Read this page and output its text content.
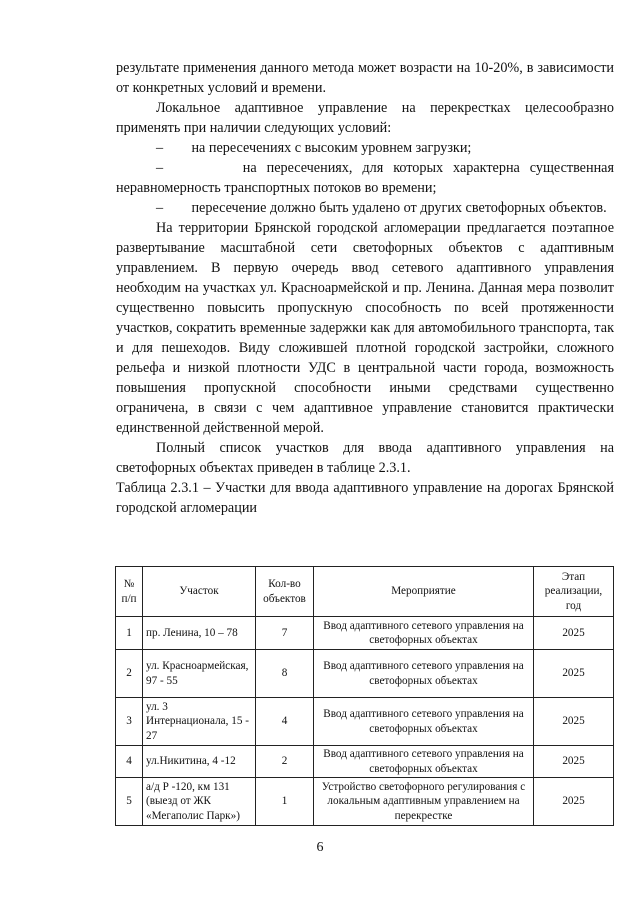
результате применения данного метода может возрасти на 10-20%, в зависимости от конкретных условий и времени.

Локальное адаптивное управление на перекрестках целесообразно применять при наличии следующих условий:

–        на пересечениях с высоким уровнем загрузки;

–        на пересечениях, для которых характерна существенная неравномерность транспортных потоков во времени;

–        пересечение должно быть удалено от других светофорных объектов.

На территории Брянской городской агломерации предлагается поэтапное развертывание масштабной сети светофорных объектов с адаптивным управлением. В первую очередь ввод сетевого адаптивного управления необходим на участках ул. Красноармейской и пр. Ленина. Данная мера позволит существенно повысить пропускную способность по всей протяженности участков, сократить временные задержки как для автомобильного транспорта, так и для пешеходов. Виду сложившей плотной городской застройки, сложного рельефа и низкой плотности УДС в центральной части города, возможность повышения пропускной способности иными средствами существенно ограничена, в связи с чем адаптивное управление становится практически единственной действенной мерой.

Полный список участков для ввода адаптивного управления на светофорных объектах приведен в таблице 2.3.1.

Таблица 2.3.1 – Участки для ввода адаптивного управление на дорогах Брянской городской агломерации

№ п/п	Участок	Кол-во объектов	Мероприятие	Этап реализации, год
1	пр. Ленина, 10 – 78	7	Ввод адаптивного сетевого управления на светофорных объектах	2025
2	ул. Красноармейская, 97 - 55	8	Ввод адаптивного сетевого управления на светофорных объектах	2025
3	ул. 3 Интернационала, 15 - 27	4	Ввод адаптивного сетевого управления на светофорных объектах	2025
4	ул.Никитина, 4 -12	2	Ввод адаптивного сетевого управления на светофорных объектах	2025
5	а/д Р -120, км 131 (выезд от ЖК «Мегаполис Парк»)	1	Устройство светофорного регулирования с локальным адаптивным управлением на перекрестке	2025
6
